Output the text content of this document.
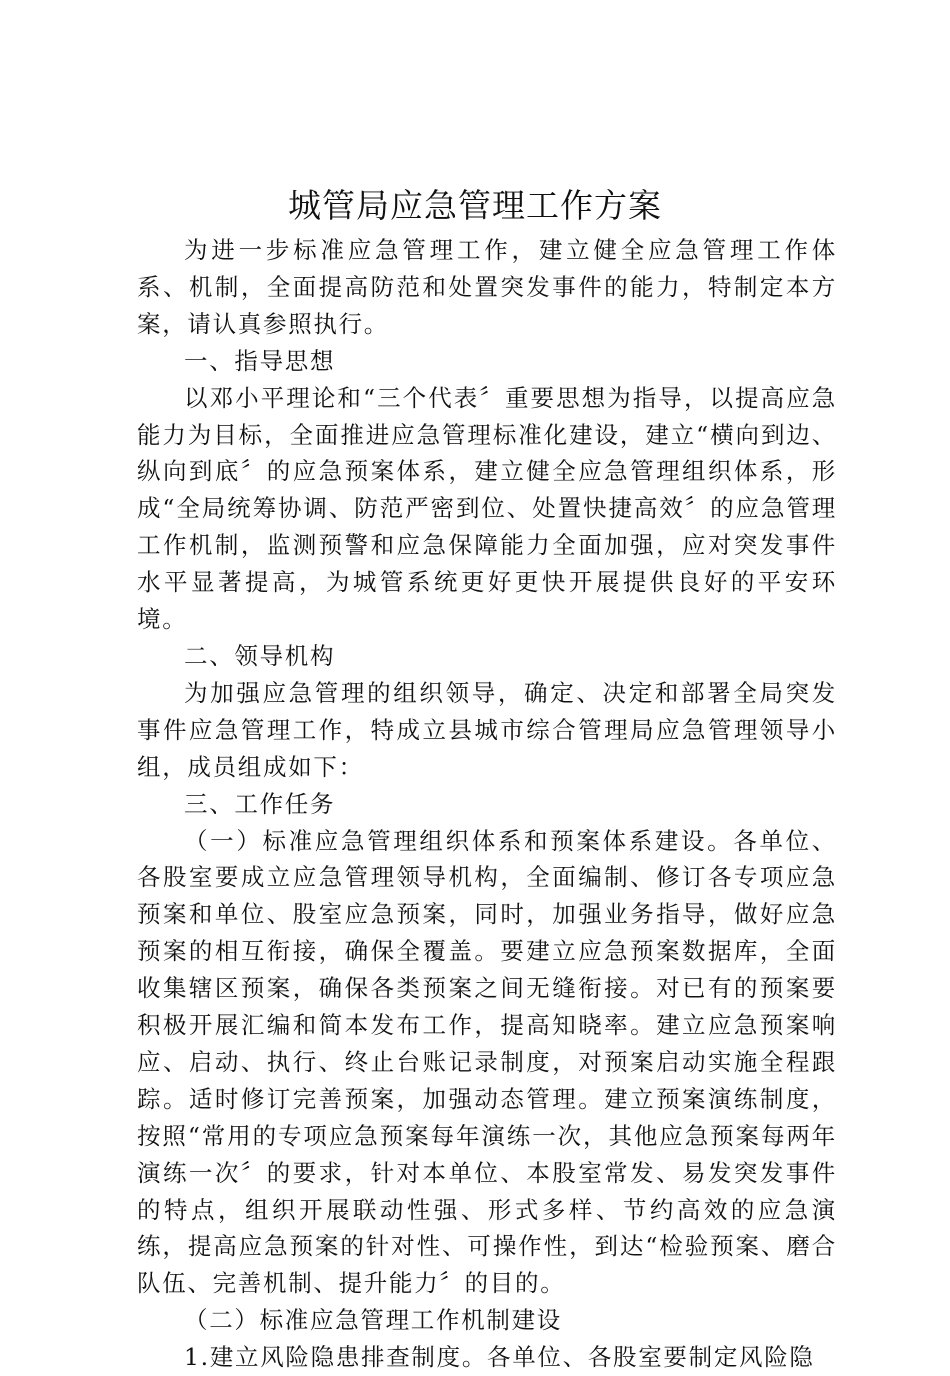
城管局应急管理工作方案

为进一步标准应急管理工作，建立健全应急管理工作体系、机制，全面提高防范和处置突发事件的能力，特制定本方案，请认真参照执行。

一、指导思想

以邓小平理论和“三个代表〞重要思想为指导，以提高应急能力为目标，全面推进应急管理标准化建设，建立“横向到边、纵向到底〞的应急预案体系，建立健全应急管理组织体系，形成“全局统筹协调、防范严密到位、处置快捷高效〞的应急管理工作机制，监测预警和应急保障能力全面加强，应对突发事件水平显著提高，为城管系统更好更快开展提供良好的平安环境。

二、领导机构

为加强应急管理的组织领导，确定、决定和部署全局突发事件应急管理工作，特成立县城市综合管理局应急管理领导小组，成员组成如下：

三、工作任务

（一）标准应急管理组织体系和预案体系建设。各单位、各股室要成立应急管理领导机构，全面编制、修订各专项应急预案和单位、股室应急预案，同时，加强业务指导，做好应急预案的相互衔接，确保全覆盖。要建立应急预案数据库，全面收集辖区预案，确保各类预案之间无缝衔接。对已有的预案要积极开展汇编和简本发布工作，提高知晓率。建立应急预案响应、启动、执行、终止台账记录制度，对预案启动实施全程跟踪。适时修订完善预案，加强动态管理。建立预案演练制度，按照“常用的专项应急预案每年演练一次，其他应急预案每两年演练一次〞的要求，针对本单位、本股室常发、易发突发事件的特点，组织开展联动性强、形式多样、节约高效的应急演练，提高应急预案的针对性、可操作性，到达“检验预案、磨合队伍、完善机制、提升能力〞的目的。

（二）标准应急管理工作机制建设

1.建立风险隐患排查制度。各单位、各股室要制定风险隐
